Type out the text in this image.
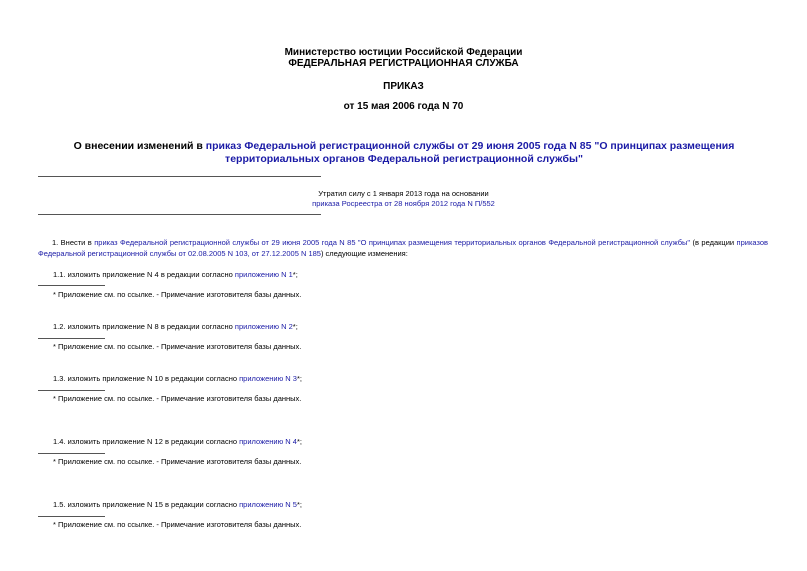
Министерство юстиции Российской Федерации
ФЕДЕРАЛЬНАЯ РЕГИСТРАЦИОННАЯ СЛУЖБА
ПРИКАЗ
от 15 мая 2006 года N 70
О внесении изменений в приказ Федеральной регистрационной службы от 29 июня 2005 года N 85 "О принципах размещения территориальных органов Федеральной регистрационной службы"
Утратил силу с 1 января 2013 года на основании
приказа Росреестра от 28 ноября 2012 года N П/552
1. Внести в приказ Федеральной регистрационной службы от 29 июня 2005 года N 85 "О принципах размещения территориальных органов Федеральной регистрационной службы" (в редакции приказов Федеральной регистрационной службы от 02.08.2005 N 103, от 27.12.2005 N 185) следующие изменения:
1.1. изложить приложение N 4 в редакции согласно приложению N 1*;
* Приложение см. по ссылке. - Примечание изготовителя базы данных.
1.2. изложить приложение N 8 в редакции согласно приложению N 2*;
* Приложение см. по ссылке. - Примечание изготовителя базы данных.
1.3. изложить приложение N 10 в редакции согласно приложению N 3*;
* Приложение см. по ссылке. - Примечание изготовителя базы данных.
1.4. изложить приложение N 12 в редакции согласно приложению N 4*;
* Приложение см. по ссылке. - Примечание изготовителя базы данных.
1.5. изложить приложение N 15 в редакции согласно приложению N 5*;
* Приложение см. по ссылке. - Примечание изготовителя базы данных.
